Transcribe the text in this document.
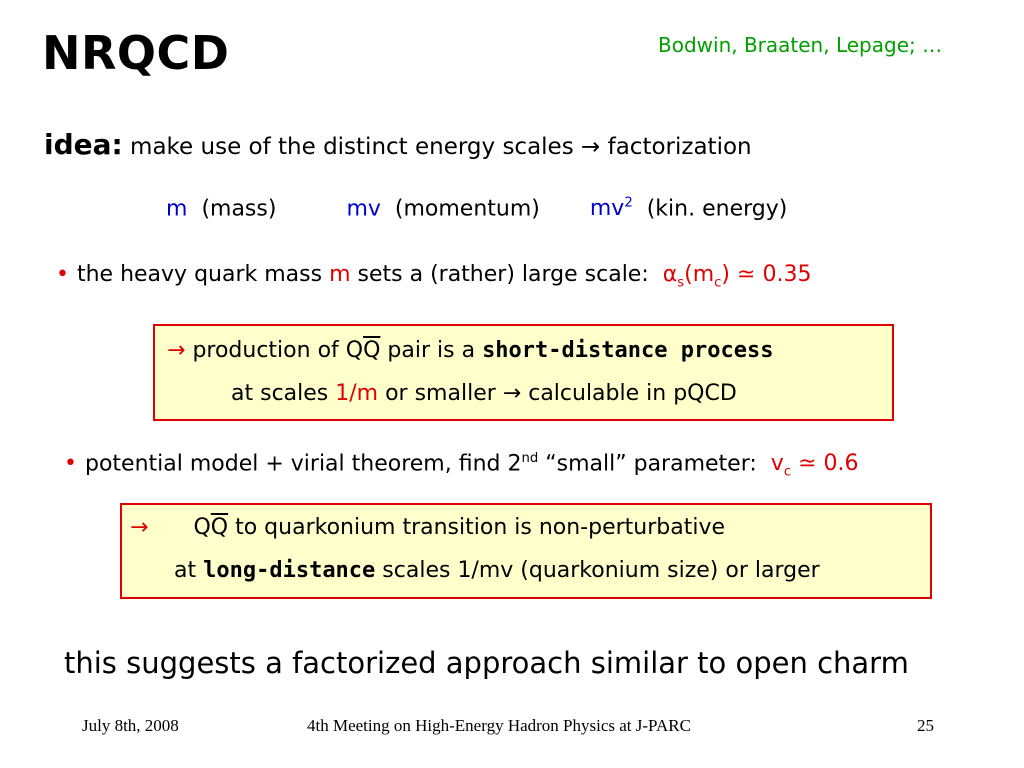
NRQCD	Bodwin, Braaten, Lepage; …
idea: make use of the distinct energy scales → factorization
m (mass)	mv (momentum) $mv^2$ (kin. energy)
• the heavy quark mass m sets a (rather) large scale: $\alpha_s(m_c)$ ≃ 0.35
→ production of $Q\overline{Q}$ pair is a short-distance process
at scales 1/m or smaller → calculable in pQCD
• potential model + virial theorem, find 2nd “small” parameter: $v_c$ ≃ 0.6
→ $Q\overline{Q}$ to quarkonium transition is non-perturbative
at long-distance scales 1/mv (quarkonium size) or larger
this suggests a factorized approach similar to open charm
July 8th, 2008	4th Meeting on High-Energy Hadron Physics at J-PARC	25
